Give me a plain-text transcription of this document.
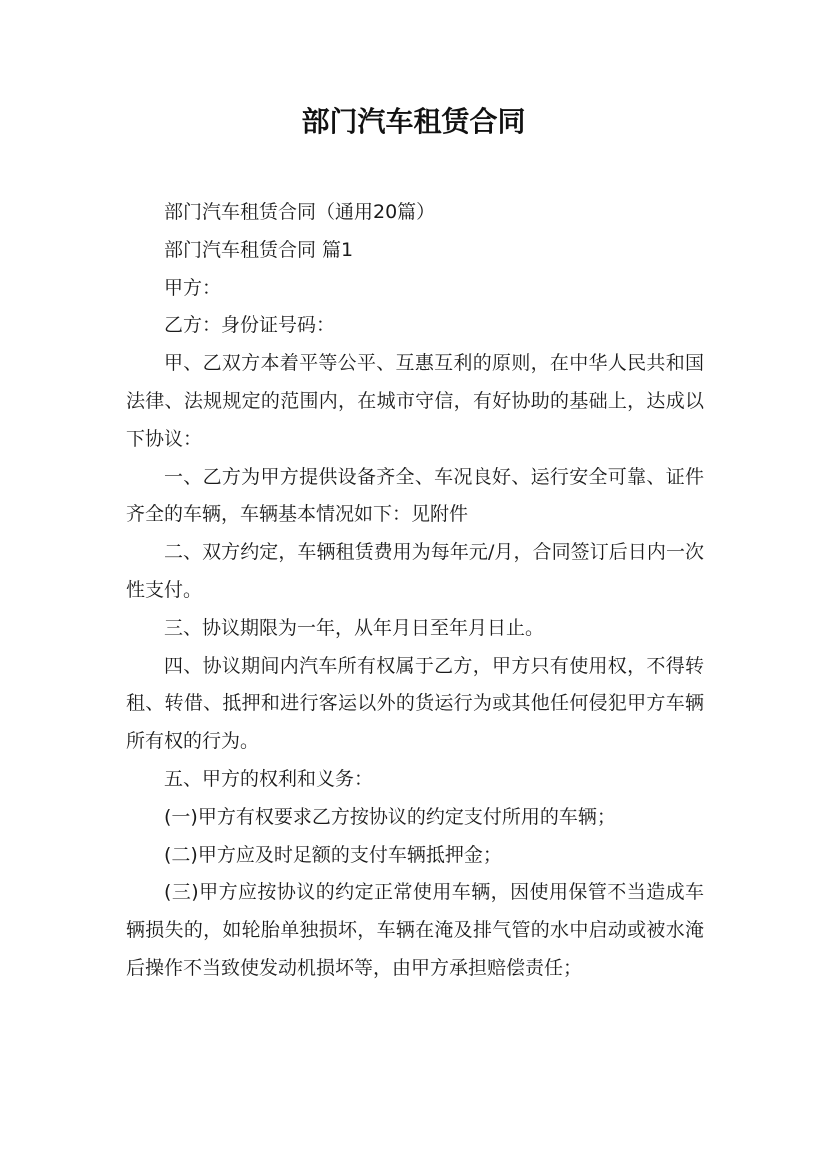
部门汽车租赁合同

部门汽车租赁合同（通用20篇）

部门汽车租赁合同 篇1

甲方：

乙方：身份证号码：

甲、乙双方本着平等公平、互惠互利的原则，在中华人民共和国法律、法规规定的范围内，在城市守信，有好协助的基础上，达成以下协议：

一、乙方为甲方提供设备齐全、车况良好、运行安全可靠、证件齐全的车辆，车辆基本情况如下：见附件

二、双方约定，车辆租赁费用为每年元/月，合同签订后日内一次性支付。

三、协议期限为一年，从年月日至年月日止。

四、协议期间内汽车所有权属于乙方，甲方只有使用权，不得转租、转借、抵押和进行客运以外的货运行为或其他任何侵犯甲方车辆所有权的行为。

五、甲方的权利和义务：

(一)甲方有权要求乙方按协议的约定支付所用的车辆；

(二)甲方应及时足额的支付车辆抵押金；

(三)甲方应按协议的约定正常使用车辆，因使用保管不当造成车辆损失的，如轮胎单独损坏，车辆在淹及排气管的水中启动或被水淹后操作不当致使发动机损坏等，由甲方承担赔偿责任；
